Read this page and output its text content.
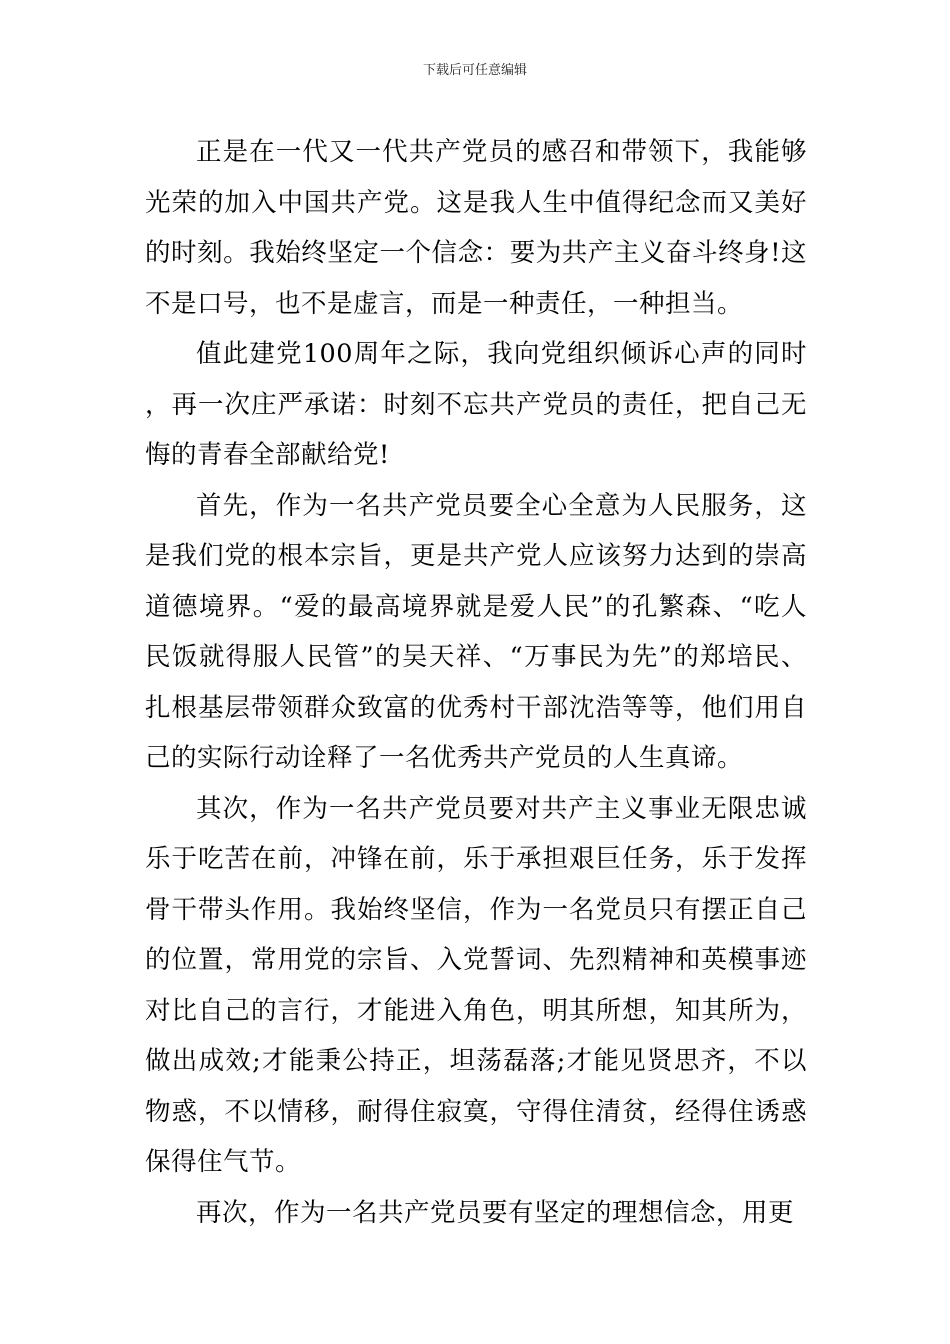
下载后可任意编辑

正是在一代又一代共产党员的感召和带领下，我能够光荣的加入中国共产党。这是我人生中值得纪念而又美好的时刻。我始终坚定一个信念：要为共产主义奋斗终身!这不是口号，也不是虚言，而是一种责任，一种担当。

值此建党100周年之际，我向党组织倾诉心声的同时，再一次庄严承诺：时刻不忘共产党员的责任，把自己无悔的青春全部献给党!

首先，作为一名共产党员要全心全意为人民服务，这是我们党的根本宗旨，更是共产党人应该努力达到的崇高道德境界。“爱的最高境界就是爱人民”的孔繁森、“吃人民饭就得服人民管”的吴天祥、“万事民为先”的郑培民、扎根基层带领群众致富的优秀村干部沈浩等等，他们用自己的实际行动诠释了一名优秀共产党员的人生真谛。

其次，作为一名共产党员要对共产主义事业无限忠诚乐于吃苦在前，冲锋在前，乐于承担艰巨任务，乐于发挥骨干带头作用。我始终坚信，作为一名党员只有摆正自己的位置，常用党的宗旨、入党誓词、先烈精神和英模事迹对比自己的言行，才能进入角色，明其所想，知其所为，做出成效;才能秉公持正，坦荡磊落;才能见贤思齐，不以物惑，不以情移，耐得住寂寞，守得住清贫，经得住诱惑保得住气节。

再次，作为一名共产党员要有坚定的理想信念，用更
